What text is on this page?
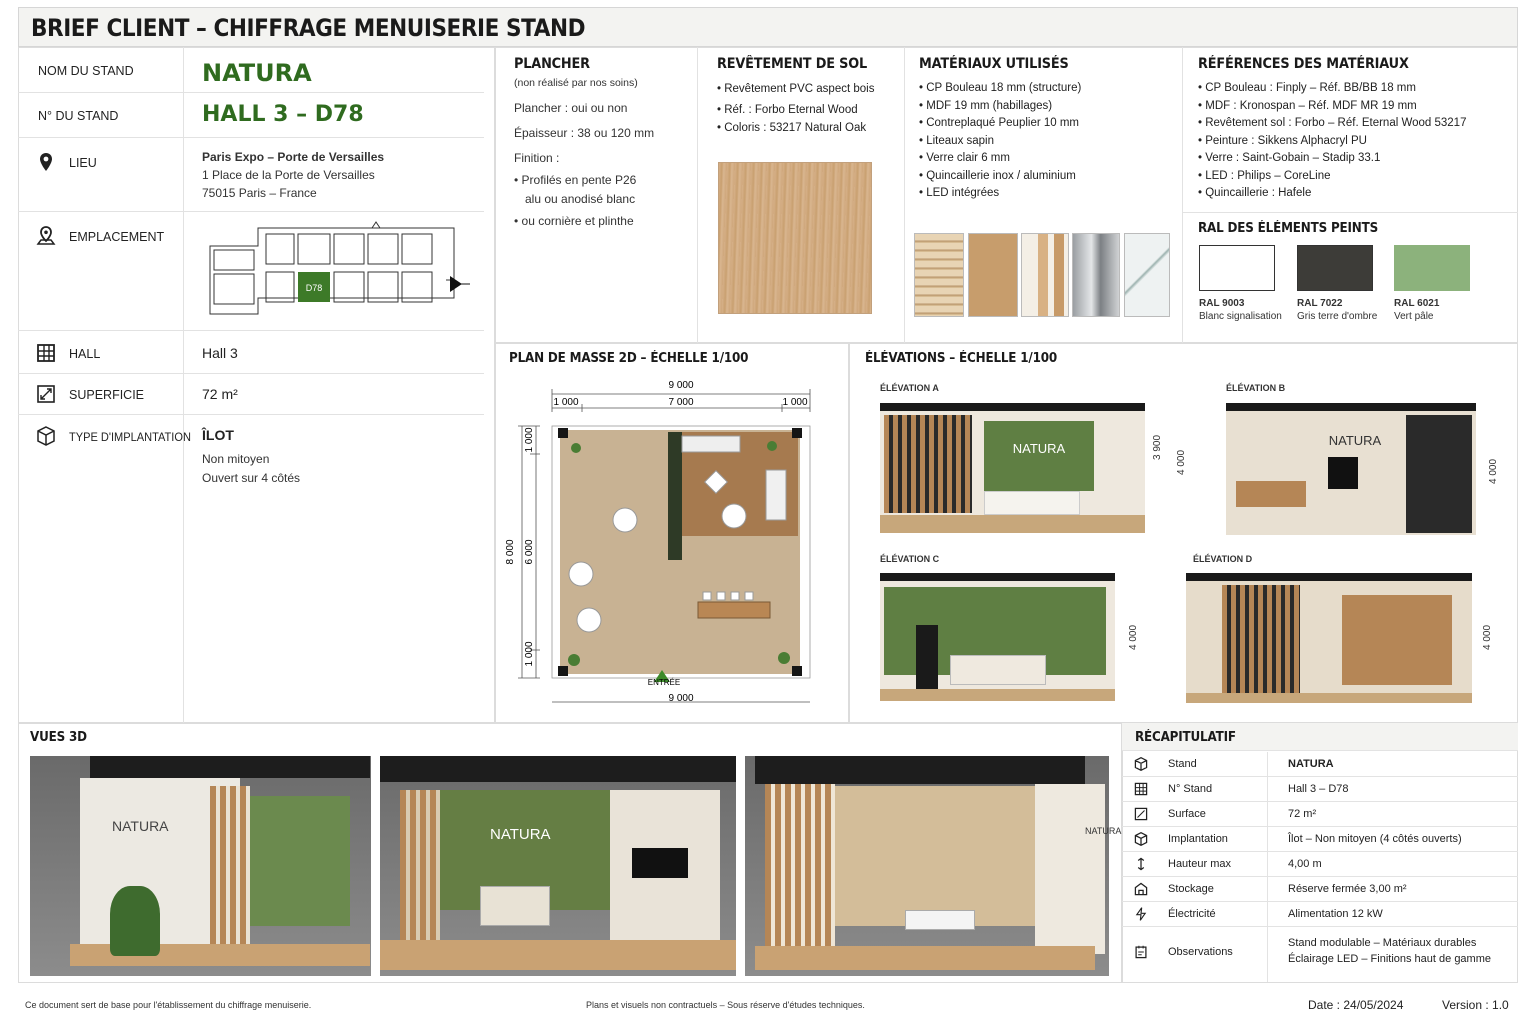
BRIEF CLIENT – CHIFFRAGE MENUISERIE STAND
NOM DU STAND	NATURA
N° DU STAND	HALL 3 – D78
LIEU	Paris Expo – Porte de Versailles
1 Place de la Porte de Versailles
75015 Paris – France
EMPLACEMENT
D78
HALL	Hall 3
SUPERFICIE	72 m²
TYPE D'IMPLANTATION ÎLOT
Non mitoyen
Ouvert sur 4 côtés
PLANCHER
(non réalisé par nos soins)
Plancher : oui ou non
Épaisseur : 38 ou 120 mm
Finition :
• Profilés en pente P26
alu ou anodisé blanc
• ou cornière et plinthe
REVÊTEMENT DE SOL
• Revêtement PVC aspect bois
• Réf. : Forbo Eternal Wood
• Coloris : 53217 Natural Oak
MATÉRIAUX UTILISÉS
• CP Bouleau 18 mm (structure)
• MDF 19 mm (habillages)
• Contreplaqué Peuplier 10 mm
• Liteaux sapin
• Verre clair 6 mm
• Quincaillerie inox / aluminium
• LED intégrées
RÉFÉRENCES DES MATÉRIAUX
• CP Bouleau : Finply – Réf. BB/BB 18 mm
• MDF : Kronospan – Réf. MDF MR 19 mm
• Revêtement sol : Forbo – Réf. Eternal Wood 53217
• Peinture : Sikkens Alphacryl PU
• Verre : Saint-Gobain – Stadip 33.1
• LED : Philips – CoreLine
• Quincaillerie : Hafele
RAL DES ÉLÉMENTS PEINTS
RAL 9003
Blanc signalisation
RAL 7022
Gris terre d'ombre
RAL 6021
Vert pâle
PLAN DE MASSE 2D – ÉCHELLE 1/100
9 000
1 000	7 000	1 000
8 000
1 000
6 000
1 000
ENTRÉE
9 000
ÉLÉVATIONS – ÉCHELLE 1/100
ÉLÉVATION A
NATURA	3 900
4 000
ÉLÉVATION B
NATURA
4 000
ÉLÉVATION C
4 000
ÉLÉVATION D
4 000
VUES 3D
NATURA	NATURA	NATURA
RÉCAPITULATIF
Stand	NATURA
N° Stand	Hall 3 – D78
Surface	72 m²
Implantation	Îlot – Non mitoyen (4 côtés ouverts)
Hauteur max	4,00 m
Stockage	Réserve fermée 3,00 m²
Électricité	Alimentation 12 kW
Observations
Stand modulable – Matériaux durables
Éclairage LED – Finitions haut de gamme
Ce document sert de base pour l'établissement du chiffrage menuiserie.	Plans et visuels non contractuels – Sous réserve d'études techniques.	Date : 24/05/2024	Version : 1.0
